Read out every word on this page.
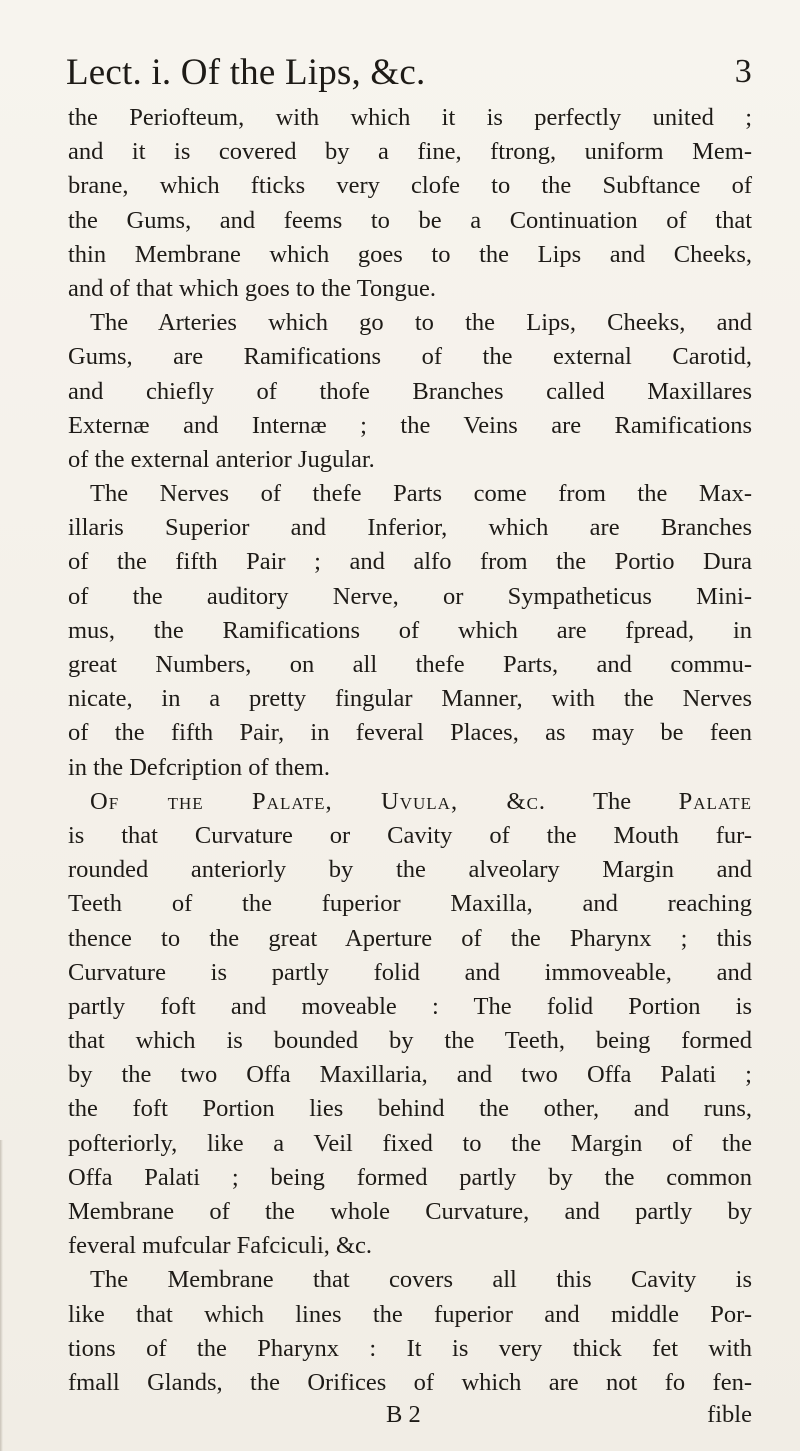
Lect. i. Of the Lips, &c.	3
the Periofteum, with which it is perfectly united ;
and it is covered by a fine, ftrong, uniform Mem-
brane, which fticks very clofe to the Subftance of
the Gums, and feems to be a Continuation of that
thin Membrane which goes to the Lips and Cheeks,
and of that which goes to the Tongue.
The Arteries which go to the Lips, Cheeks, and
Gums, are Ramifications of the external Carotid,
and chiefly of thofe Branches called Maxillares
Externæ and Internæ ; the Veins are Ramifications
of the external anterior Jugular.
The Nerves of thefe Parts come from the Max-
illaris Superior and Inferior, which are Branches
of the fifth Pair ; and alfo from the Portio Dura
of the auditory Nerve, or Sympatheticus Mini-
mus, the Ramifications of which are fpread, in
great Numbers, on all thefe Parts, and commu-
nicate, in a pretty fingular Manner, with the Nerves
of the fifth Pair, in feveral Places, as may be feen
in the Defcription of them.
Of the Palate, Uvula, &c. The Palate
is that Curvature or Cavity of the Mouth fur-
rounded anteriorly by the alveolary Margin and
Teeth of the fuperior Maxilla, and reaching
thence to the great Aperture of the Pharynx ; this
Curvature is partly folid and immoveable, and
partly foft and moveable : The folid Portion is
that which is bounded by the Teeth, being formed
by the two Offa Maxillaria, and two Offa Palati ;
the foft Portion lies behind the other, and runs,
pofteriorly, like a Veil fixed to the Margin of the
Offa Palati ; being formed partly by the common
Membrane of the whole Curvature, and partly by
feveral mufcular Fafciculi, &c.
The Membrane that covers all this Cavity is
like that which lines the fuperior and middle Por-
tions of the Pharynx : It is very thick fet with
fmall Glands, the Orifices of which are not fo fen-
B 2	fible
